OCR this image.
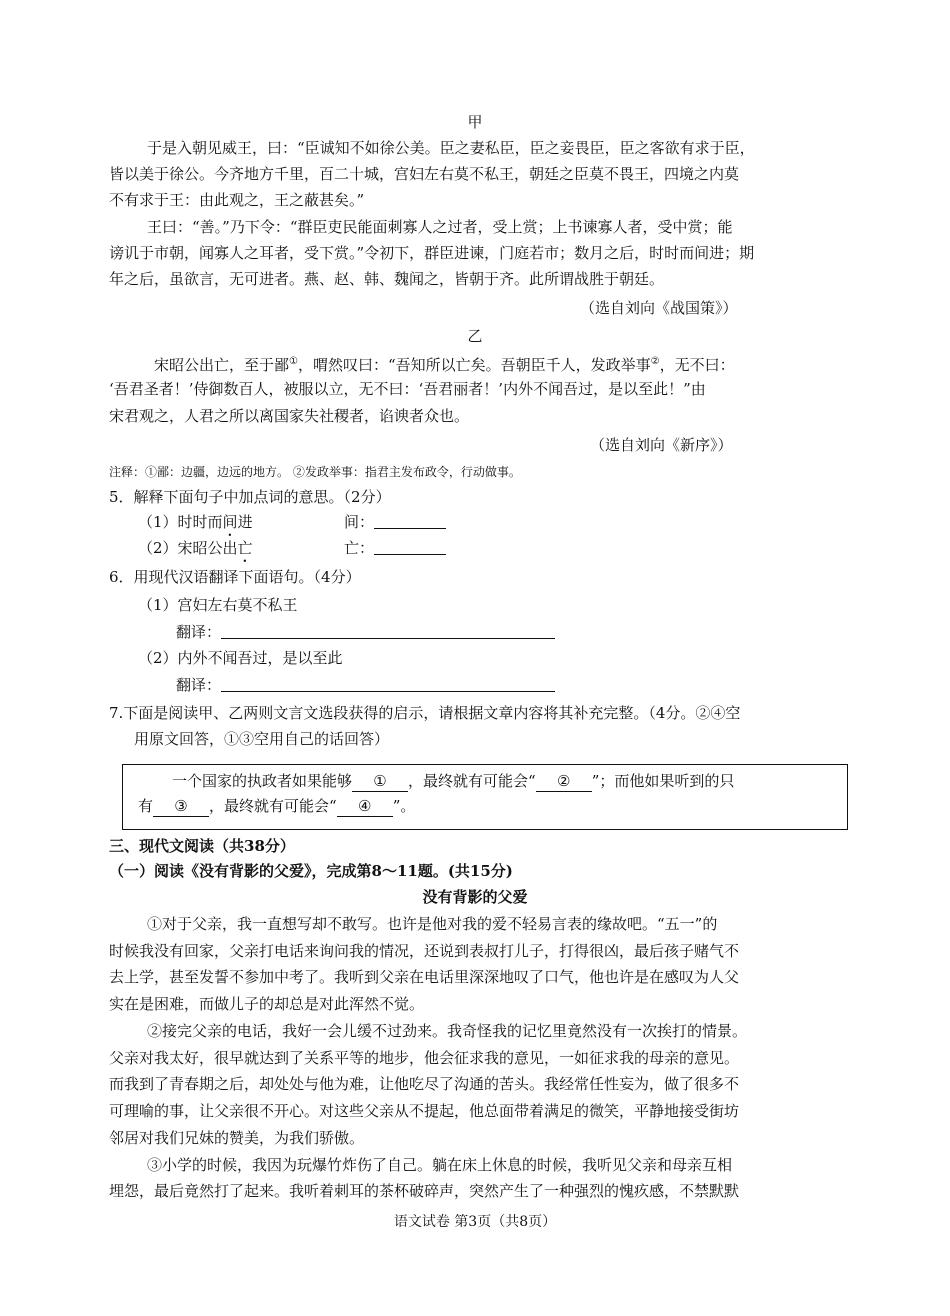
甲
于是入朝见威王，曰：“臣诚知不如徐公美。臣之妻私臣，臣之妾畏臣，臣之客欲有求于臣，
皆以美于徐公。今齐地方千里，百二十城，宫妇左右莫不私王，朝廷之臣莫不畏王，四境之内莫
不有求于王：由此观之，王之蔽甚矣。”
王曰：“善。”乃下令：“群臣吏民能面刺寡人之过者，受上赏；上书谏寡人者，受中赏；能
谤讥于市朝，闻寡人之耳者，受下赏。”令初下，群臣进谏，门庭若市；数月之后，时时而间进；期
年之后，虽欲言，无可进者。燕、赵、韩、魏闻之，皆朝于齐。此所谓战胜于朝廷。
（选自刘向《战国策》）
乙
宋昭公出亡，至于鄙①，喟然叹曰：“吾知所以亡矣。吾朝臣千人，发政举事②，无不曰：
‘吾君圣者！’侍御数百人，被服以立，无不曰：‘吾君丽者！’内外不闻吾过，是以至此！”由
宋君观之，人君之所以离国家失社稷者，谄谀者众也。
（选自刘向《新序》）
注释：①鄙：边疆，边远的地方。 ②发政举事：指君主发布政令，行动做事。
5．解释下面句子中加点词的意思。（2分）
（1）时时而间进	间：
（2）宋昭公出亡	亡：
6．用现代汉语翻译下面语句。（4分）
（1）宫妇左右莫不私王
翻译：
（2）内外不闻吾过，是以至此
翻译：
7.下面是阅读甲、乙两则文言文选段获得的启示，请根据文章内容将其补充完整。（4分。②④空
用原文回答，①③空用自己的话回答）
一个国家的执政者如果能够 ① ，最终就有可能会“ ② ”；而他如果听到的只
有 ③ ，最终就有可能会“ ④ ”。
三、现代文阅读（共38分）
（一）阅读《没有背影的父爱》，完成第8～11题。(共15分)
没有背影的父爱
①对于父亲，我一直想写却不敢写。也许是他对我的爱不轻易言表的缘故吧。“五一”的
时候我没有回家，父亲打电话来询问我的情况，还说到表叔打儿子，打得很凶，最后孩子赌气不
去上学，甚至发誓不参加中考了。我听到父亲在电话里深深地叹了口气，他也许是在感叹为人父
实在是困难，而做儿子的却总是对此浑然不觉。
②接完父亲的电话，我好一会儿缓不过劲来。我奇怪我的记忆里竟然没有一次挨打的情景。
父亲对我太好，很早就达到了关系平等的地步，他会征求我的意见，一如征求我的母亲的意见。
而我到了青春期之后，却处处与他为难，让他吃尽了沟通的苦头。我经常任性妄为，做了很多不
可理喻的事，让父亲很不开心。对这些父亲从不提起，他总面带着满足的微笑，平静地接受街坊
邻居对我们兄妹的赞美，为我们骄傲。
③小学的时候，我因为玩爆竹炸伤了自己。躺在床上休息的时候，我听见父亲和母亲互相
埋怨，最后竟然打了起来。我听着刺耳的茶杯破碎声，突然产生了一种强烈的愧疚感，不禁默默
语文试卷 第3页（共8页）
